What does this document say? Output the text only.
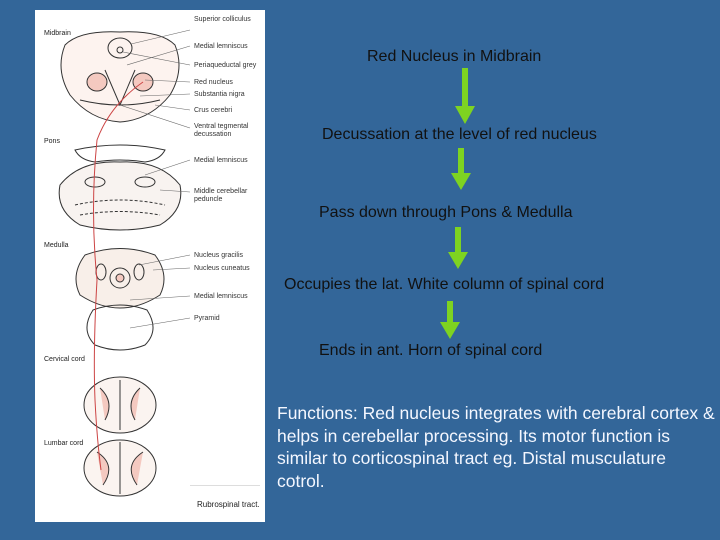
Midbrain
Pons
Medulla
Cervical cord
Lumbar cord
Superior colliculus
Medial lemniscus
Periaqueductal grey
Red nucleus
Substantia nigra
Crus cerebri
Ventral tegmental decussation
Medial lemniscus
Middle cerebellar peduncle
Nucleus gracilis
Nucleus cuneatus
Medial lemniscus
Pyramid
Rubrospinal tract.
Red Nucleus in Midbrain
Decussation at the level of red nucleus
Pass down through Pons & Medulla
Occupies the lat. White column of spinal cord
Ends in ant. Horn of spinal cord
Functions: Red nucleus integrates with cerebral cortex & helps in cerebellar processing. Its motor function is similar to corticospinal tract eg. Distal musculature cotrol.
